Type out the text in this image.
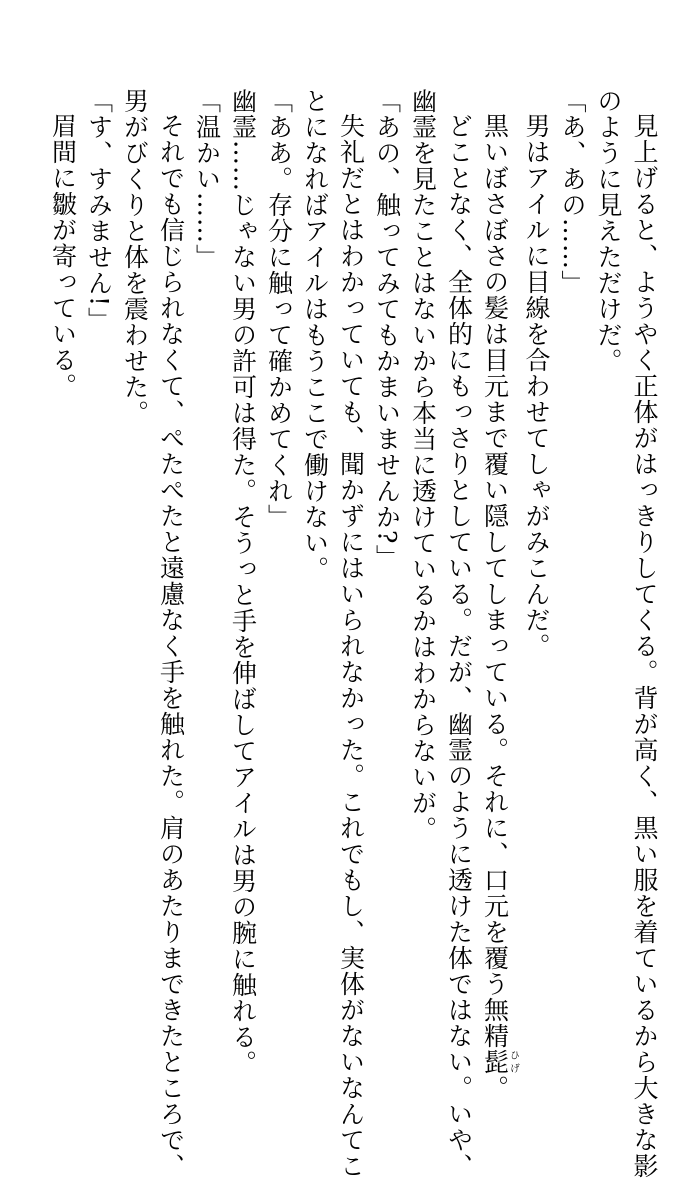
見上げると、ようやく正体がはっきりしてくる。背が高く、黒い服を着ているから大きな影
のように見えただけだ。
「あ、あの……」
男はアイルに目線を合わせてしゃがみこんだ。
黒いぼさぼさの髪は目元まで覆い隠してしまっている。それに、口元を覆う無精髭ひげ。
どことなく、全体的にもっさりとしている。だが、幽霊のように透けた体ではない。いや、
幽霊を見たことはないから本当に透けているかはわからないが。
「あの、触ってみてもかまいませんか?」
失礼だとはわかっていても、聞かずにはいられなかった。これでもし、実体がないなんてこ
とになればアイルはもうここで働けない。
「ああ。存分に触って確かめてくれ」
幽霊……じゃない男の許可は得た。そうっと手を伸ばしてアイルは男の腕に触れる。
「温かい……」
それでも信じられなくて、ぺたぺたと遠慮なく手を触れた。肩のあたりまできたところで、
男がびくりと体を震わせた。
「す、すみません!」
眉間に皺が寄っている。
